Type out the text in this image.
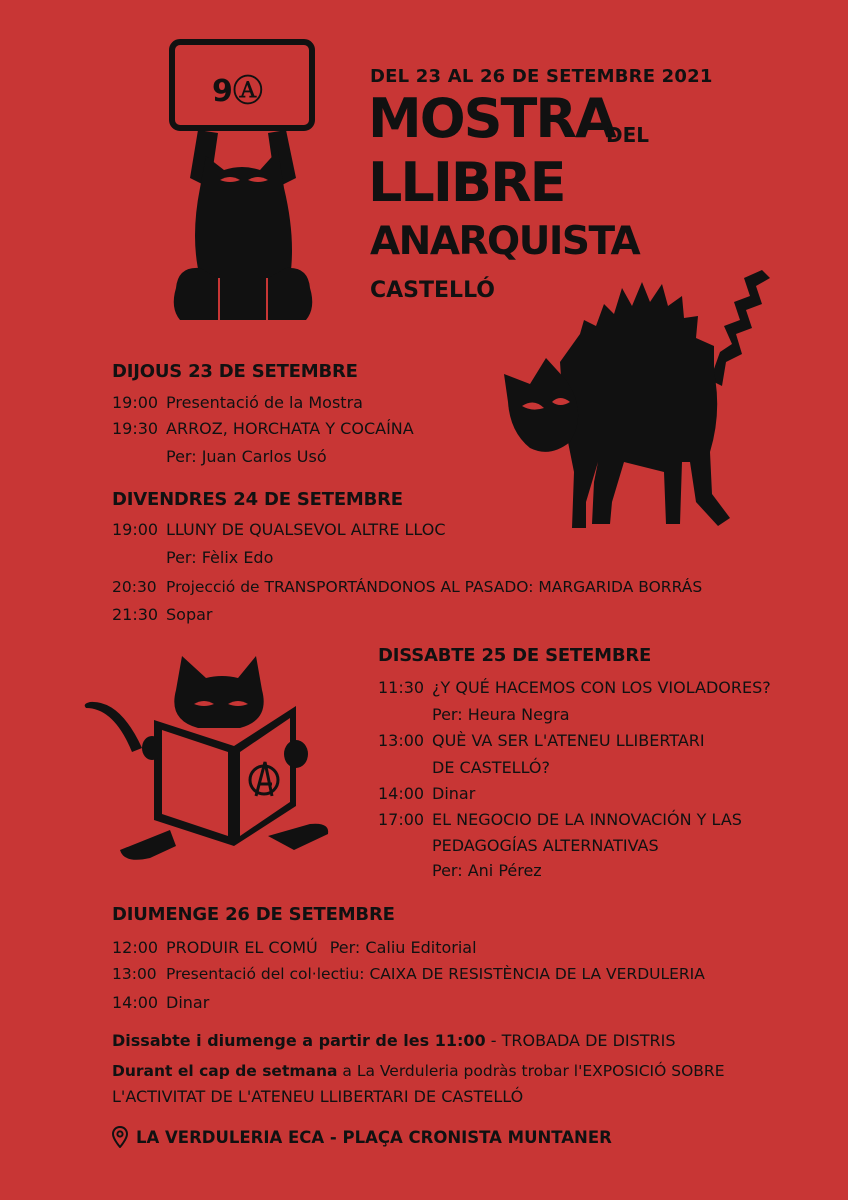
9Ⓐ	DEL 23 AL 26 DE SETEMBRE 2021
MOSTRA
DEL
LLIBRE
ANARQUISTA
CASTELLÓ
DIJOUS 23 DE SETEMBRE
19:00 Presentació de la Mostra
19:30 ARROZ, HORCHATA Y COCAÍNA
Per: Juan Carlos Usó
DIVENDRES 24 DE SETEMBRE
19:00 LLUNY DE QUALSEVOL ALTRE LLOC
Per: Fèlix Edo
20:30 Projecció de TRANSPORTÁNDONOS AL PASADO: MARGARIDA BORRÁS
21:30 Sopar
DISSABTE 25 DE SETEMBRE
11:30 ¿Y QUÉ HACEMOS CON LOS VIOLADORES?
Per: Heura Negra
13:00 QUÈ VA SER L'ATENEU LLIBERTARI
DE CASTELLÓ?
14:00 Dinar
17:00 EL NEGOCIO DE LA INNOVACIÓN Y LAS
PEDAGOGÍAS ALTERNATIVAS
Per: Ani Pérez
DIUMENGE 26 DE SETEMBRE
12:00 PRODUIR EL COMÚ Per: Caliu Editorial
13:00 Presentació del col·lectiu: CAIXA DE RESISTÈNCIA DE LA VERDULERIA
14:00 Dinar
Dissabte i diumenge a partir de les 11:00 - TROBADA DE DISTRIS
Durant el cap de setmana a La Verduleria podràs trobar l'EXPOSICIÓ SOBRE
L'ACTIVITAT DE L'ATENEU LLIBERTARI DE CASTELLÓ
LA VERDULERIA ECA - PLAÇA CRONISTA MUNTANER
